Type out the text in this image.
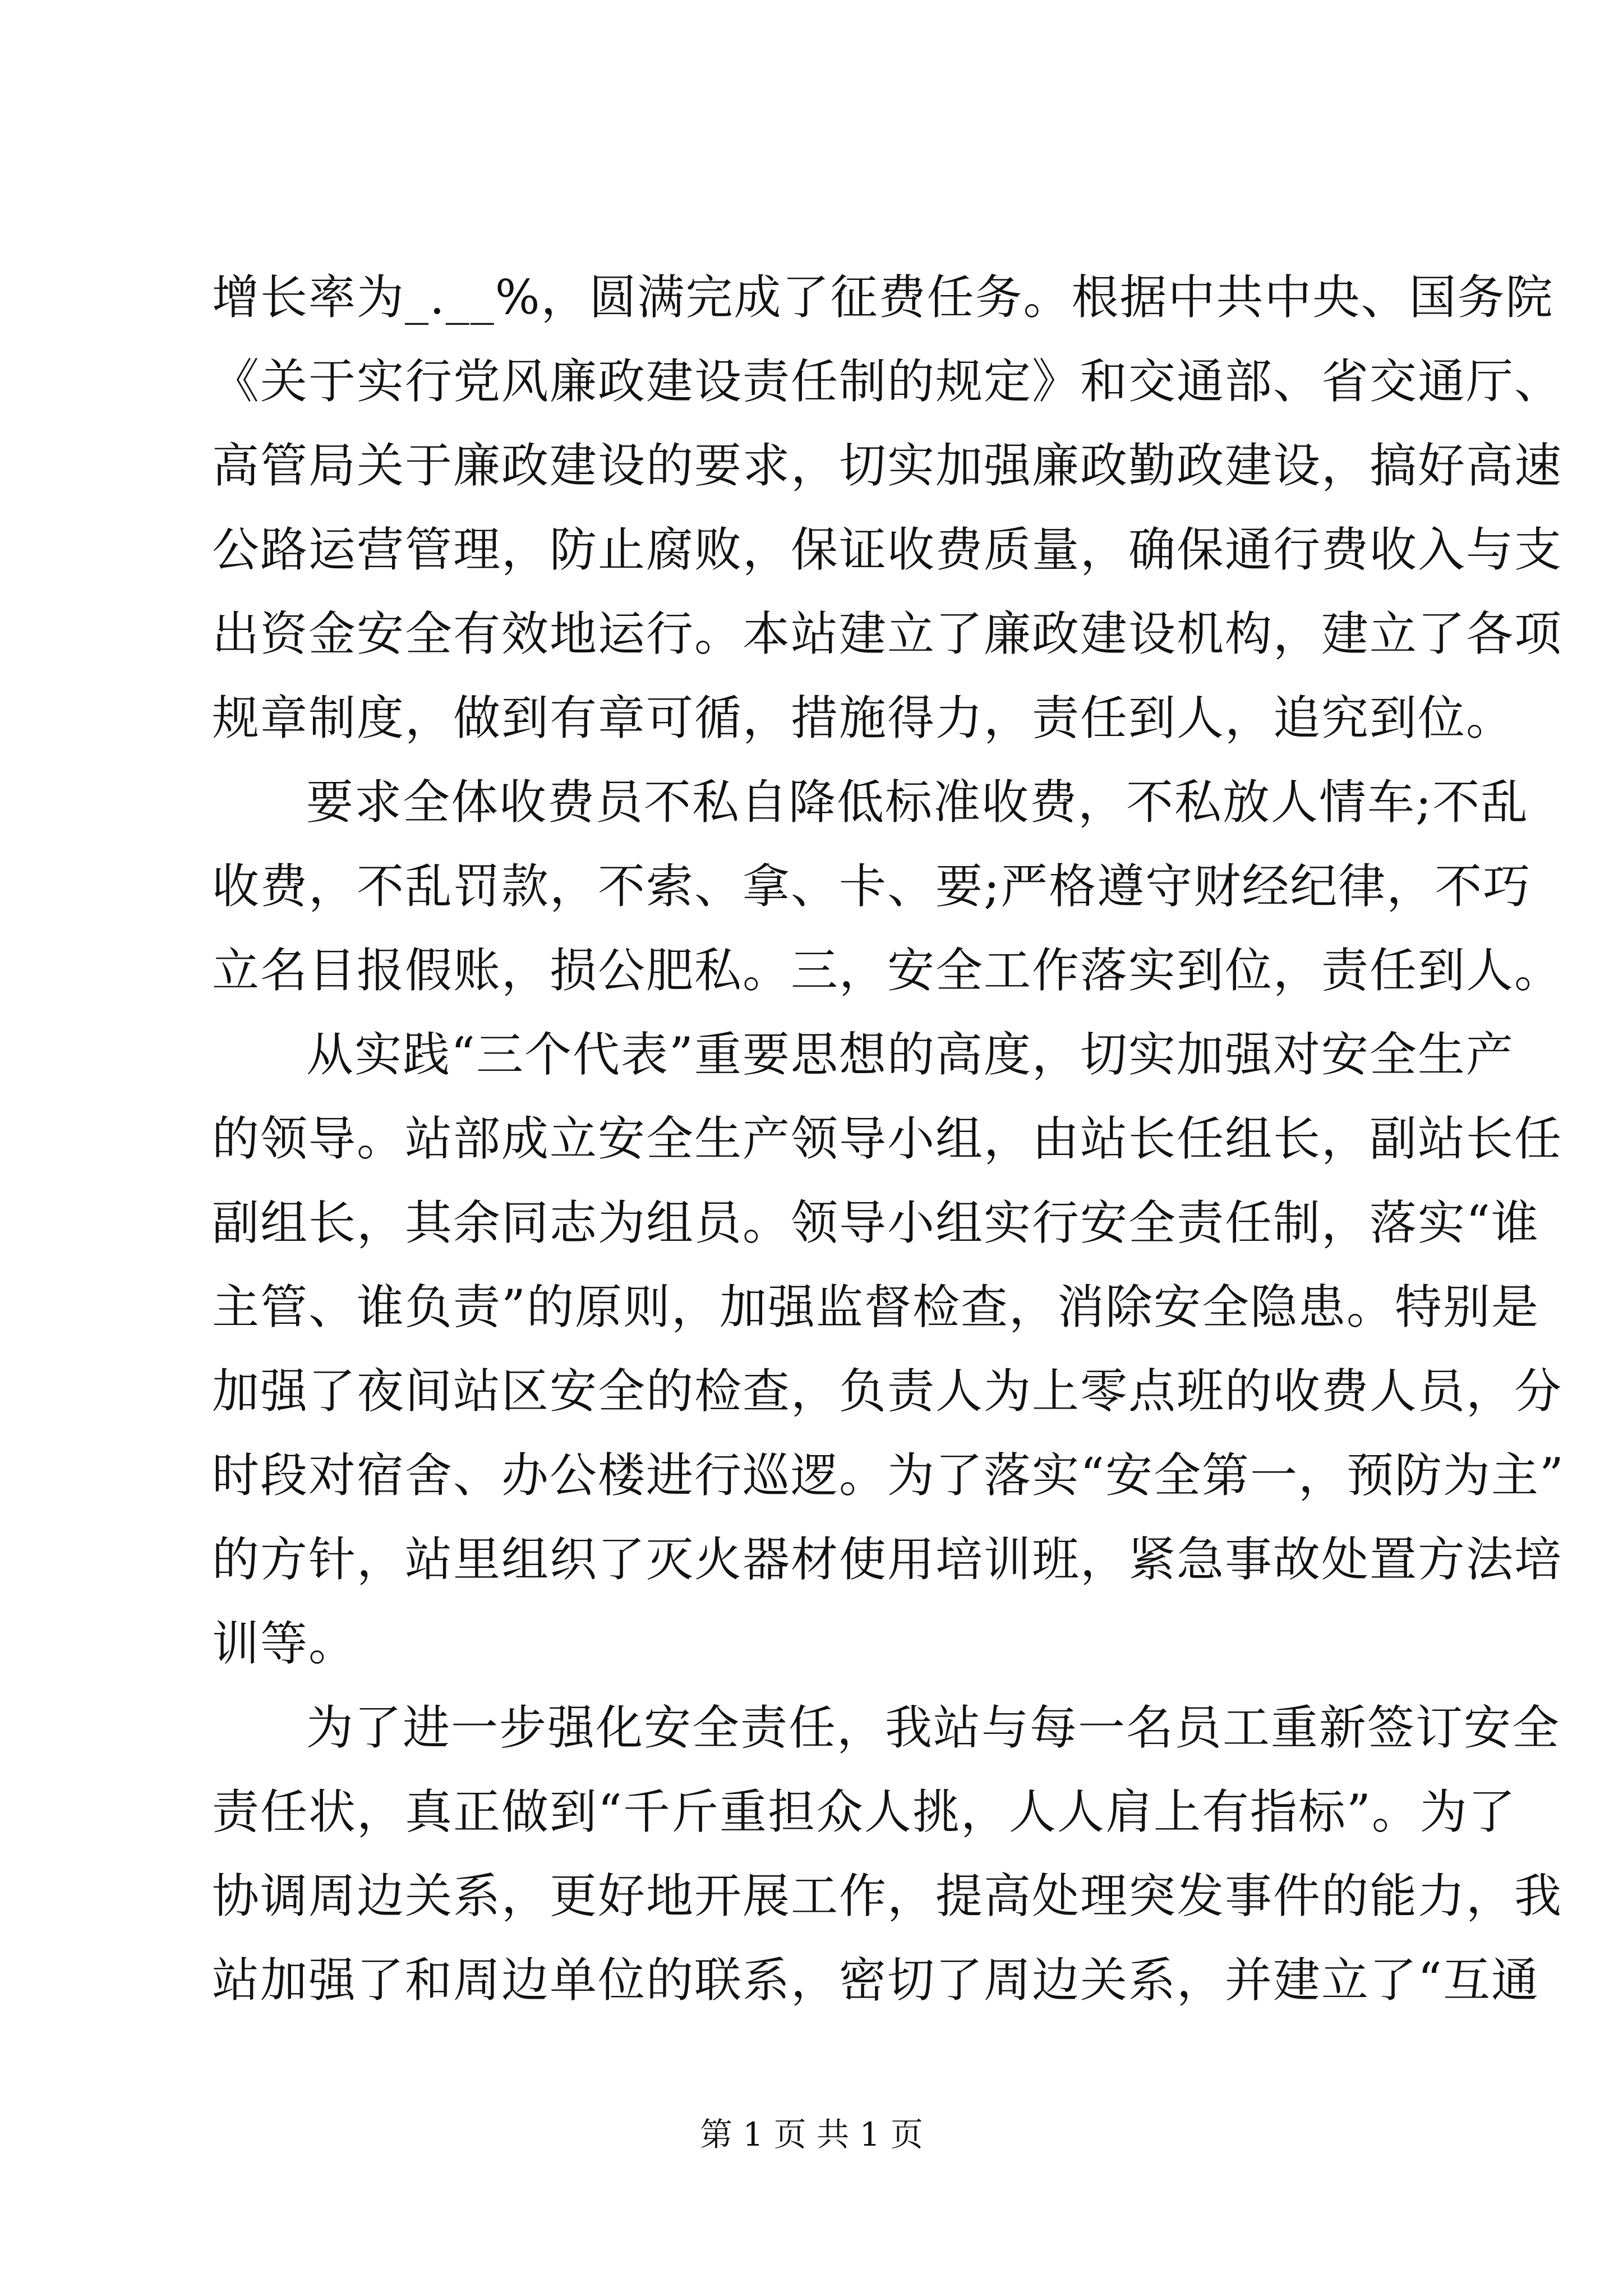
增长率为_.__%，圆满完成了征费任务。根据中共中央、国务院
《关于实行党风廉政建设责任制的规定》和交通部、省交通厅、
高管局关于廉政建设的要求，切实加强廉政勤政建设，搞好高速
公路运营管理，防止腐败，保证收费质量，确保通行费收入与支
出资金安全有效地运行。本站建立了廉政建设机构，建立了各项
规章制度，做到有章可循，措施得力，责任到人，追究到位。
要求全体收费员不私自降低标准收费，不私放人情车;不乱
收费，不乱罚款，不索、拿、卡、要;严格遵守财经纪律，不巧
立名目报假账，损公肥私。三，安全工作落实到位，责任到人。
从实践“三个代表”重要思想的高度，切实加强对安全生产
的领导。站部成立安全生产领导小组，由站长任组长，副站长任
副组长，其余同志为组员。领导小组实行安全责任制，落实“谁
主管、谁负责”的原则，加强监督检查，消除安全隐患。特别是
加强了夜间站区安全的检查，负责人为上零点班的收费人员，分
时段对宿舍、办公楼进行巡逻。为了落实“安全第一，预防为主”
的方针，站里组织了灭火器材使用培训班，紧急事故处置方法培
训等。
为了进一步强化安全责任，我站与每一名员工重新签订安全
责任状，真正做到“千斤重担众人挑，人人肩上有指标”。为了
协调周边关系，更好地开展工作，提高处理突发事件的能力，我
站加强了和周边单位的联系，密切了周边关系，并建立了“互通
第 1 页 共 1 页
